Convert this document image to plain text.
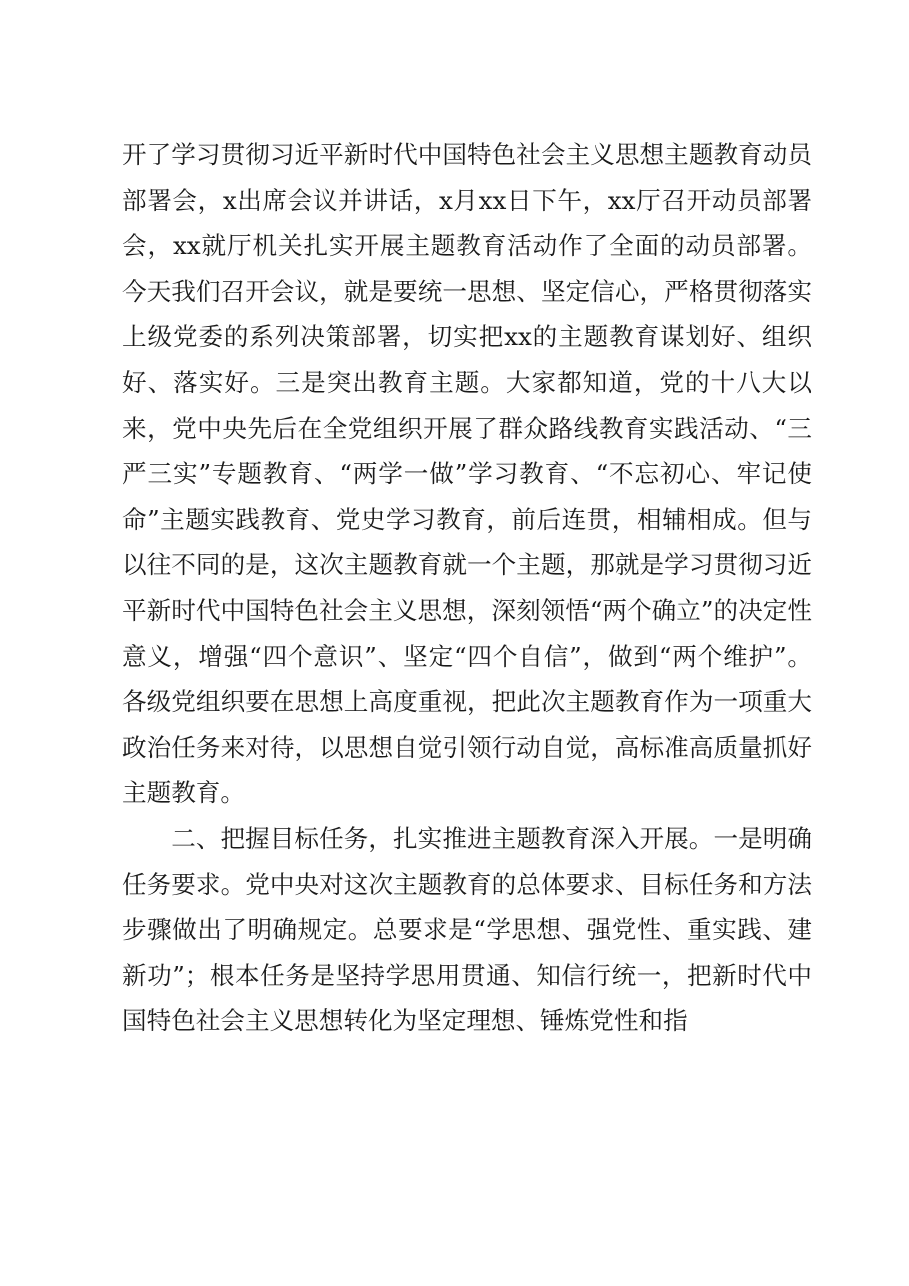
开了学习贯彻习近平新时代中国特色社会主义思想主题教育动员部署会，x出席会议并讲话，x月xx日下午，xx厅召开动员部署会，xx就厅机关扎实开展主题教育活动作了全面的动员部署。今天我们召开会议，就是要统一思想、坚定信心，严格贯彻落实上级党委的系列决策部署，切实把xx的主题教育谋划好、组织好、落实好。三是突出教育主题。大家都知道，党的十八大以来，党中央先后在全党组织开展了群众路线教育实践活动、“三严三实”专题教育、“两学一做”学习教育、“不忘初心、牢记使命”主题实践教育、党史学习教育，前后连贯，相辅相成。但与以往不同的是，这次主题教育就一个主题，那就是学习贯彻习近平新时代中国特色社会主义思想，深刻领悟“两个确立”的决定性意义，增强“四个意识”、坚定“四个自信”，做到“两个维护”。各级党组织要在思想上高度重视，把此次主题教育作为一项重大政治任务来对待，以思想自觉引领行动自觉，高标准高质量抓好主题教育。

二、把握目标任务，扎实推进主题教育深入开展。一是明确任务要求。党中央对这次主题教育的总体要求、目标任务和方法步骤做出了明确规定。总要求是“学思想、强党性、重实践、建新功”；根本任务是坚持学思用贯通、知信行统一，把新时代中国特色社会主义思想转化为坚定理想、锤炼党性和指
